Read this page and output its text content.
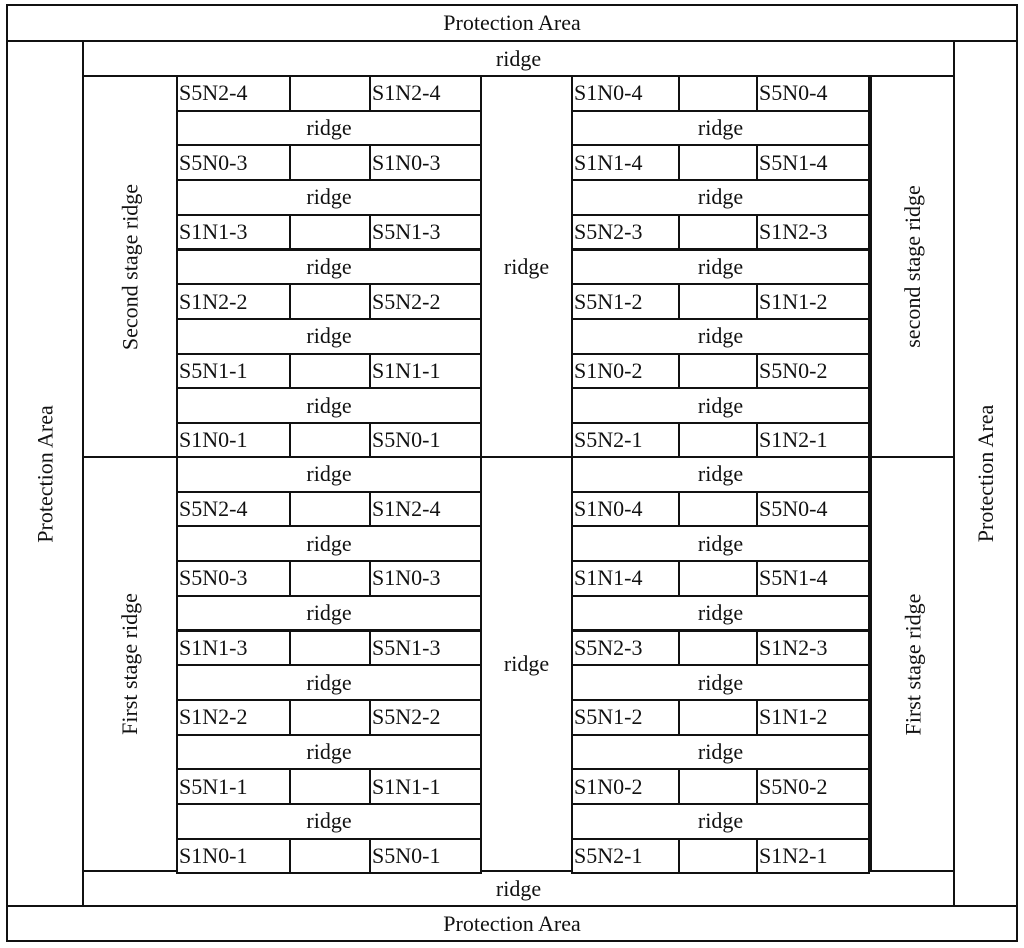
Protection Area
Protection Area
Protection Area	Protection Area
ridge
ridge
Second stage ridge
First stage ridge
second stage ridge
First stage ridge
ridge
ridge
S5N2-4	S1N2-4
ridge
S5N0-3	S1N0-3
ridge
S1N1-3	S5N1-3
ridge
S1N2-2	S5N2-2
ridge
S5N1-1	S1N1-1
ridge
S1N0-1	S5N0-1
S1N0-4	S5N0-4
ridge
S1N1-4	S5N1-4
ridge
S5N2-3	S1N2-3
ridge
S5N1-2	S1N1-2
ridge
S1N0-2	S5N0-2
ridge
S5N2-1	S1N2-1
ridge
S5N2-4	S1N2-4
ridge
S5N0-3	S1N0-3
ridge
S1N1-3	S5N1-3
ridge
S1N2-2	S5N2-2
ridge
S5N1-1	S1N1-1
ridge
S1N0-1	S5N0-1
ridge
S1N0-4	S5N0-4
ridge
S1N1-4	S5N1-4
ridge
S5N2-3	S1N2-3
ridge
S5N1-2	S1N1-2
ridge
S1N0-2	S5N0-2
ridge
S5N2-1	S1N2-1
